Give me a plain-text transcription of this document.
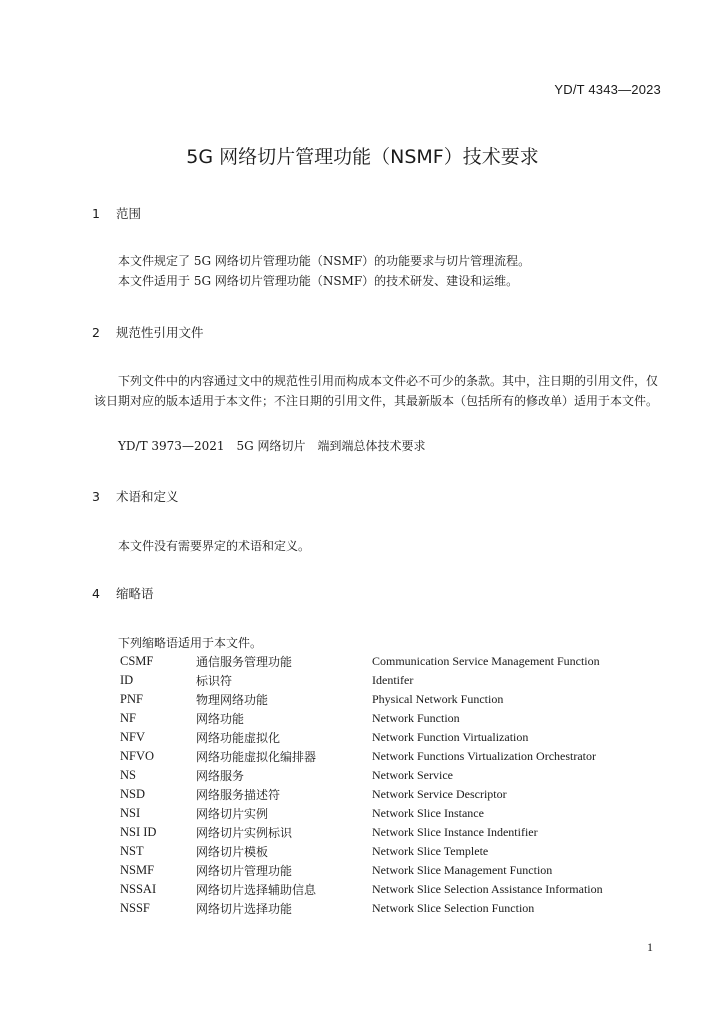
YD/T 4343—2023
5G 网络切片管理功能（NSMF）技术要求
1 范围
本文件规定了 5G 网络切片管理功能（NSMF）的功能要求与切片管理流程。
本文件适用于 5G 网络切片管理功能（NSMF）的技术研发、建设和运维。
2 规范性引用文件
下列文件中的内容通过文中的规范性引用而构成本文件必不可少的条款。其中，注日期的引用文件，仅该日期对应的版本适用于本文件；不注日期的引用文件，其最新版本（包括所有的修改单）适用于本文件。
YD/T 3973—2021　5G 网络切片　端到端总体技术要求
3 术语和定义
本文件没有需要界定的术语和定义。
4 缩略语
下列缩略语适用于本文件。
CSMF	通信服务管理功能	Communication Service Management Function
ID	标识符	Identifer
PNF	物理网络功能	Physical Network Function
NF	网络功能	Network Function
NFV	网络功能虚拟化	Network Function Virtualization
NFVO	网络功能虚拟化编排器	Network Functions Virtualization Orchestrator
NS	网络服务	Network Service
NSD	网络服务描述符	Network Service Descriptor
NSI	网络切片实例	Network Slice Instance
NSI ID	网络切片实例标识	Network Slice Instance Indentifier
NST	网络切片模板	Network Slice Templete
NSMF	网络切片管理功能	Network Slice Management Function
NSSAI	网络切片选择辅助信息	Network Slice Selection Assistance Information
NSSF	网络切片选择功能	Network Slice Selection Function
1
